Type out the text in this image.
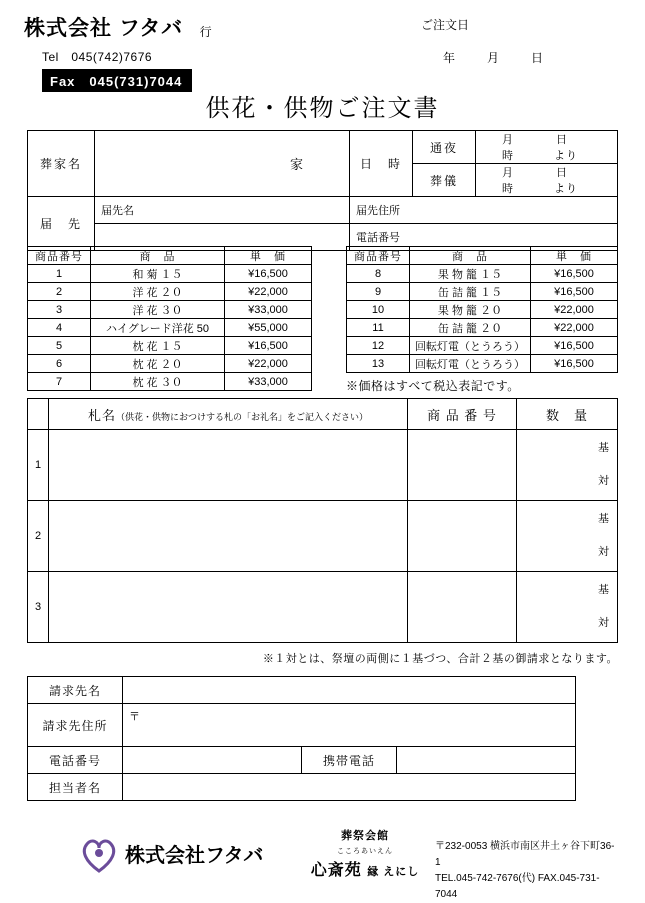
株式会社 フタバ 行
Tel　045(742)7676
Fax　045(731)7044
ご注文日
年	月	日
供花・供物ご注文書
葬家名	家	日　時	通夜	月 日時 より
			葬儀	月 日時 より
届　先	届先名	届先住所		
		電話番号		
商品番号	商　品	単　価
1	和 菊 １５	¥16,500
2	洋 花 ２０	¥22,000
3	洋 花 ３０	¥33,000
4	ハイグレード洋花 50	¥55,000
5	枕 花 １５	¥16,500
6	枕 花 ２０	¥22,000
7	枕 花 ３０	¥33,000
商品番号	商　品	単　価
8	果 物 籠 １５	¥16,500
9	缶 詰 籠 １５	¥16,500
10	果 物 籠 ２０	¥22,000
11	缶 詰 籠 ２０	¥22,000
12	回転灯電（とうろう）	¥16,500
13	回転灯電（とうろう）	¥16,500
※価格はすべて税込表記です。
	札名（供花・供物におつけする札の「お礼名」をご記入ください）	商 品 番 号	数　量
1			基
対

2			基
対

3			基
対
※１対とは、祭壇の両側に１基づつ、合計２基の御請求となります。
請求先名			
請求先住所	〒		
電話番号		携帯電話	
担当者名			
株式会社フタバ
葬祭会館
こころあいえん
心斎苑 縁 えにし
〒232-0053 横浜市南区井土ヶ谷下町36-1
TEL.045-742-7676(代) FAX.045-731-7044
